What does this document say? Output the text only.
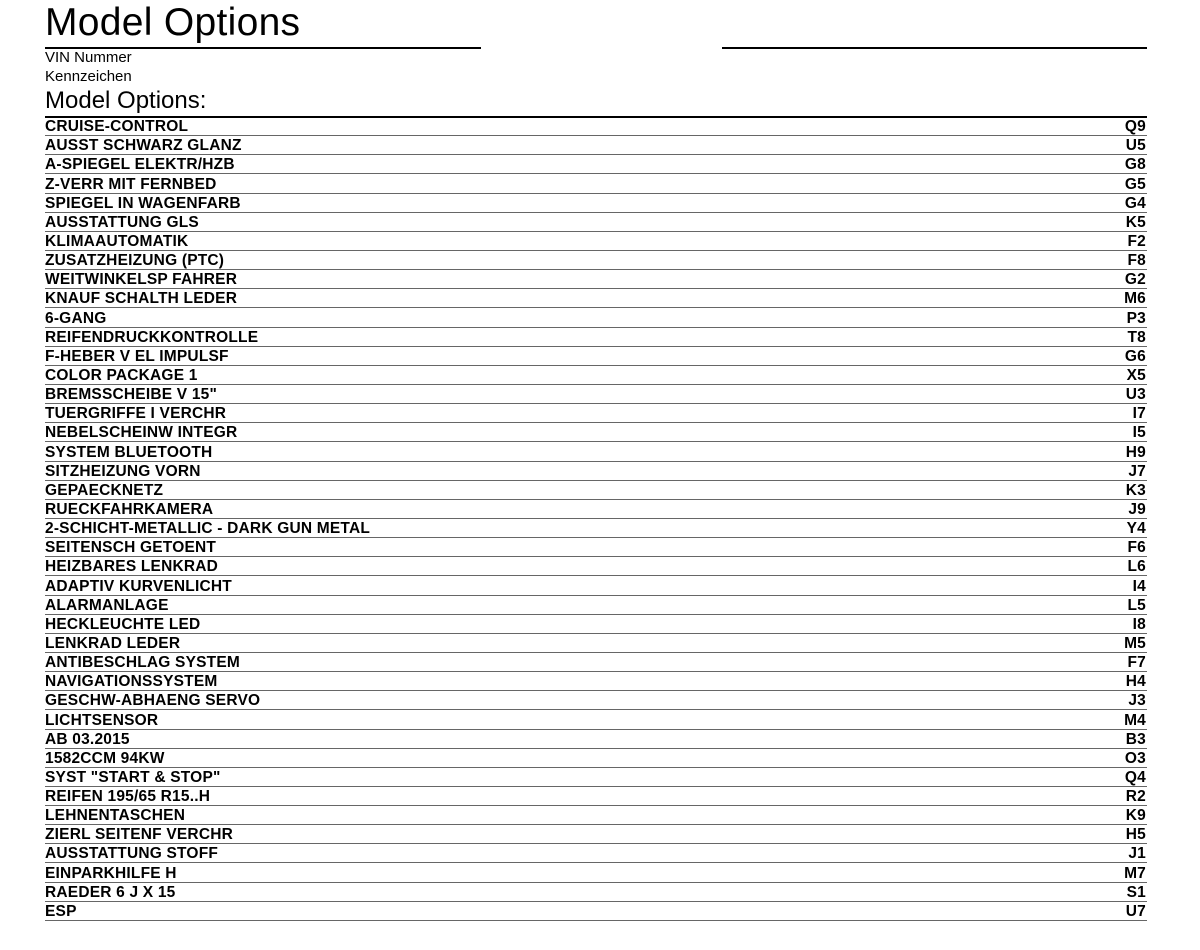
Model Options
VIN Nummer
Kennzeichen
Model Options:
CRUISE-CONTROL	Q9
AUSST SCHWARZ GLANZ	U5
A-SPIEGEL ELEKTR/HZB	G8
Z-VERR MIT FERNBED	G5
SPIEGEL IN WAGENFARB	G4
AUSSTATTUNG GLS	K5
KLIMAAUTOMATIK	F2
ZUSATZHEIZUNG (PTC)	F8
WEITWINKELSP FAHRER	G2
KNAUF SCHALTH LEDER	M6
6-GANG	P3
REIFENDRUCKKONTROLLE	T8
F-HEBER V EL IMPULSF	G6
COLOR PACKAGE 1	X5
BREMSSCHEIBE V 15"	U3
TUERGRIFFE I VERCHR	I7
NEBELSCHEINW INTEGR	I5
SYSTEM BLUETOOTH	H9
SITZHEIZUNG VORN	J7
GEPAECKNETZ	K3
RUECKFAHRKAMERA	J9
2-SCHICHT-METALLIC - DARK GUN METAL	Y4
SEITENSCH GETOENT	F6
HEIZBARES LENKRAD	L6
ADAPTIV KURVENLICHT	I4
ALARMANLAGE	L5
HECKLEUCHTE LED	I8
LENKRAD LEDER	M5
ANTIBESCHLAG SYSTEM	F7
NAVIGATIONSSYSTEM	H4
GESCHW-ABHAENG SERVO	J3
LICHTSENSOR	M4
AB 03.2015	B3
1582CCM 94KW	O3
SYST "START & STOP"	Q4
REIFEN 195/65 R15..H	R2
LEHNENTASCHEN	K9
ZIERL SEITENF VERCHR	H5
AUSSTATTUNG STOFF	J1
EINPARKHILFE H	M7
RAEDER 6 J X 15	S1
ESP	U7
